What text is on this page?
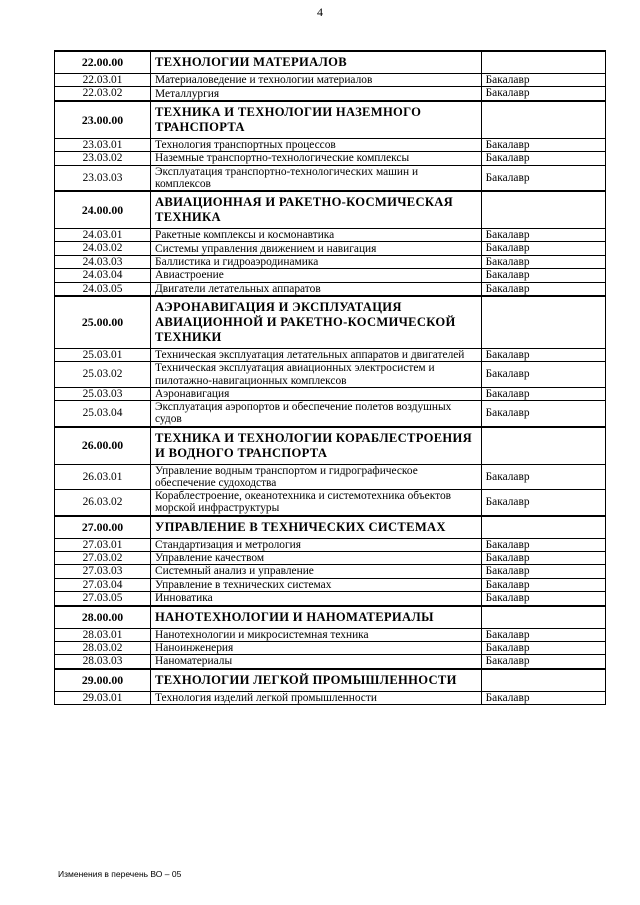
4
22.00.00	ТЕХНОЛОГИИ МАТЕРИАЛОВ	
22.03.01	Материаловедение и технологии материалов	Бакалавр
22.03.02	Металлургия	Бакалавр
23.00.00	ТЕХНИКА И ТЕХНОЛОГИИ НАЗЕМНОГО ТРАНСПОРТА	
23.03.01	Технология транспортных процессов	Бакалавр
23.03.02	Наземные транспортно-технологические комплексы	Бакалавр
23.03.03	Эксплуатация транспортно-технологических машин и комплексов	Бакалавр
24.00.00	АВИАЦИОННАЯ И РАКЕТНО-КОСМИЧЕСКАЯ ТЕХНИКА	
24.03.01	Ракетные комплексы и космонавтика	Бакалавр
24.03.02	Системы управления движением и навигация	Бакалавр
24.03.03	Баллистика и гидроаэродинамика	Бакалавр
24.03.04	Авиастроение	Бакалавр
24.03.05	Двигатели летательных аппаратов	Бакалавр
25.00.00	АЭРОНАВИГАЦИЯ И ЭКСПЛУАТАЦИЯ АВИАЦИОННОЙ И РАКЕТНО-КОСМИЧЕСКОЙ ТЕХНИКИ	
25.03.01	Техническая эксплуатация летательных аппаратов и двигателей	Бакалавр
25.03.02	Техническая эксплуатация авиационных электросистем и пилотажно-навигационных комплексов	Бакалавр
25.03.03	Аэронавигация	Бакалавр
25.03.04	Эксплуатация аэропортов и обеспечение полетов воздушных судов	Бакалавр
26.00.00	ТЕХНИКА И ТЕХНОЛОГИИ КОРАБЛЕСТРОЕНИЯ И ВОДНОГО ТРАНСПОРТА	
26.03.01	Управление водным транспортом и гидрографическое обеспечение судоходства	Бакалавр
26.03.02	Кораблестроение, океанотехника и системотехника объектов морской инфраструктуры	Бакалавр
27.00.00	УПРАВЛЕНИЕ В ТЕХНИЧЕСКИХ СИСТЕМАХ	
27.03.01	Стандартизация и метрология	Бакалавр
27.03.02	Управление качеством	Бакалавр
27.03.03	Системный анализ и управление	Бакалавр
27.03.04	Управление в технических системах	Бакалавр
27.03.05	Инноватика	Бакалавр
28.00.00	НАНОТЕХНОЛОГИИ И НАНОМАТЕРИАЛЫ	
28.03.01	Нанотехнологии и микросистемная техника	Бакалавр
28.03.02	Наноинженерия	Бакалавр
28.03.03	Наноматериалы	Бакалавр
29.00.00	ТЕХНОЛОГИИ ЛЕГКОЙ ПРОМЫШЛЕННОСТИ	
29.03.01	Технология изделий легкой промышленности	Бакалавр
Изменения в перечень ВО – 05
